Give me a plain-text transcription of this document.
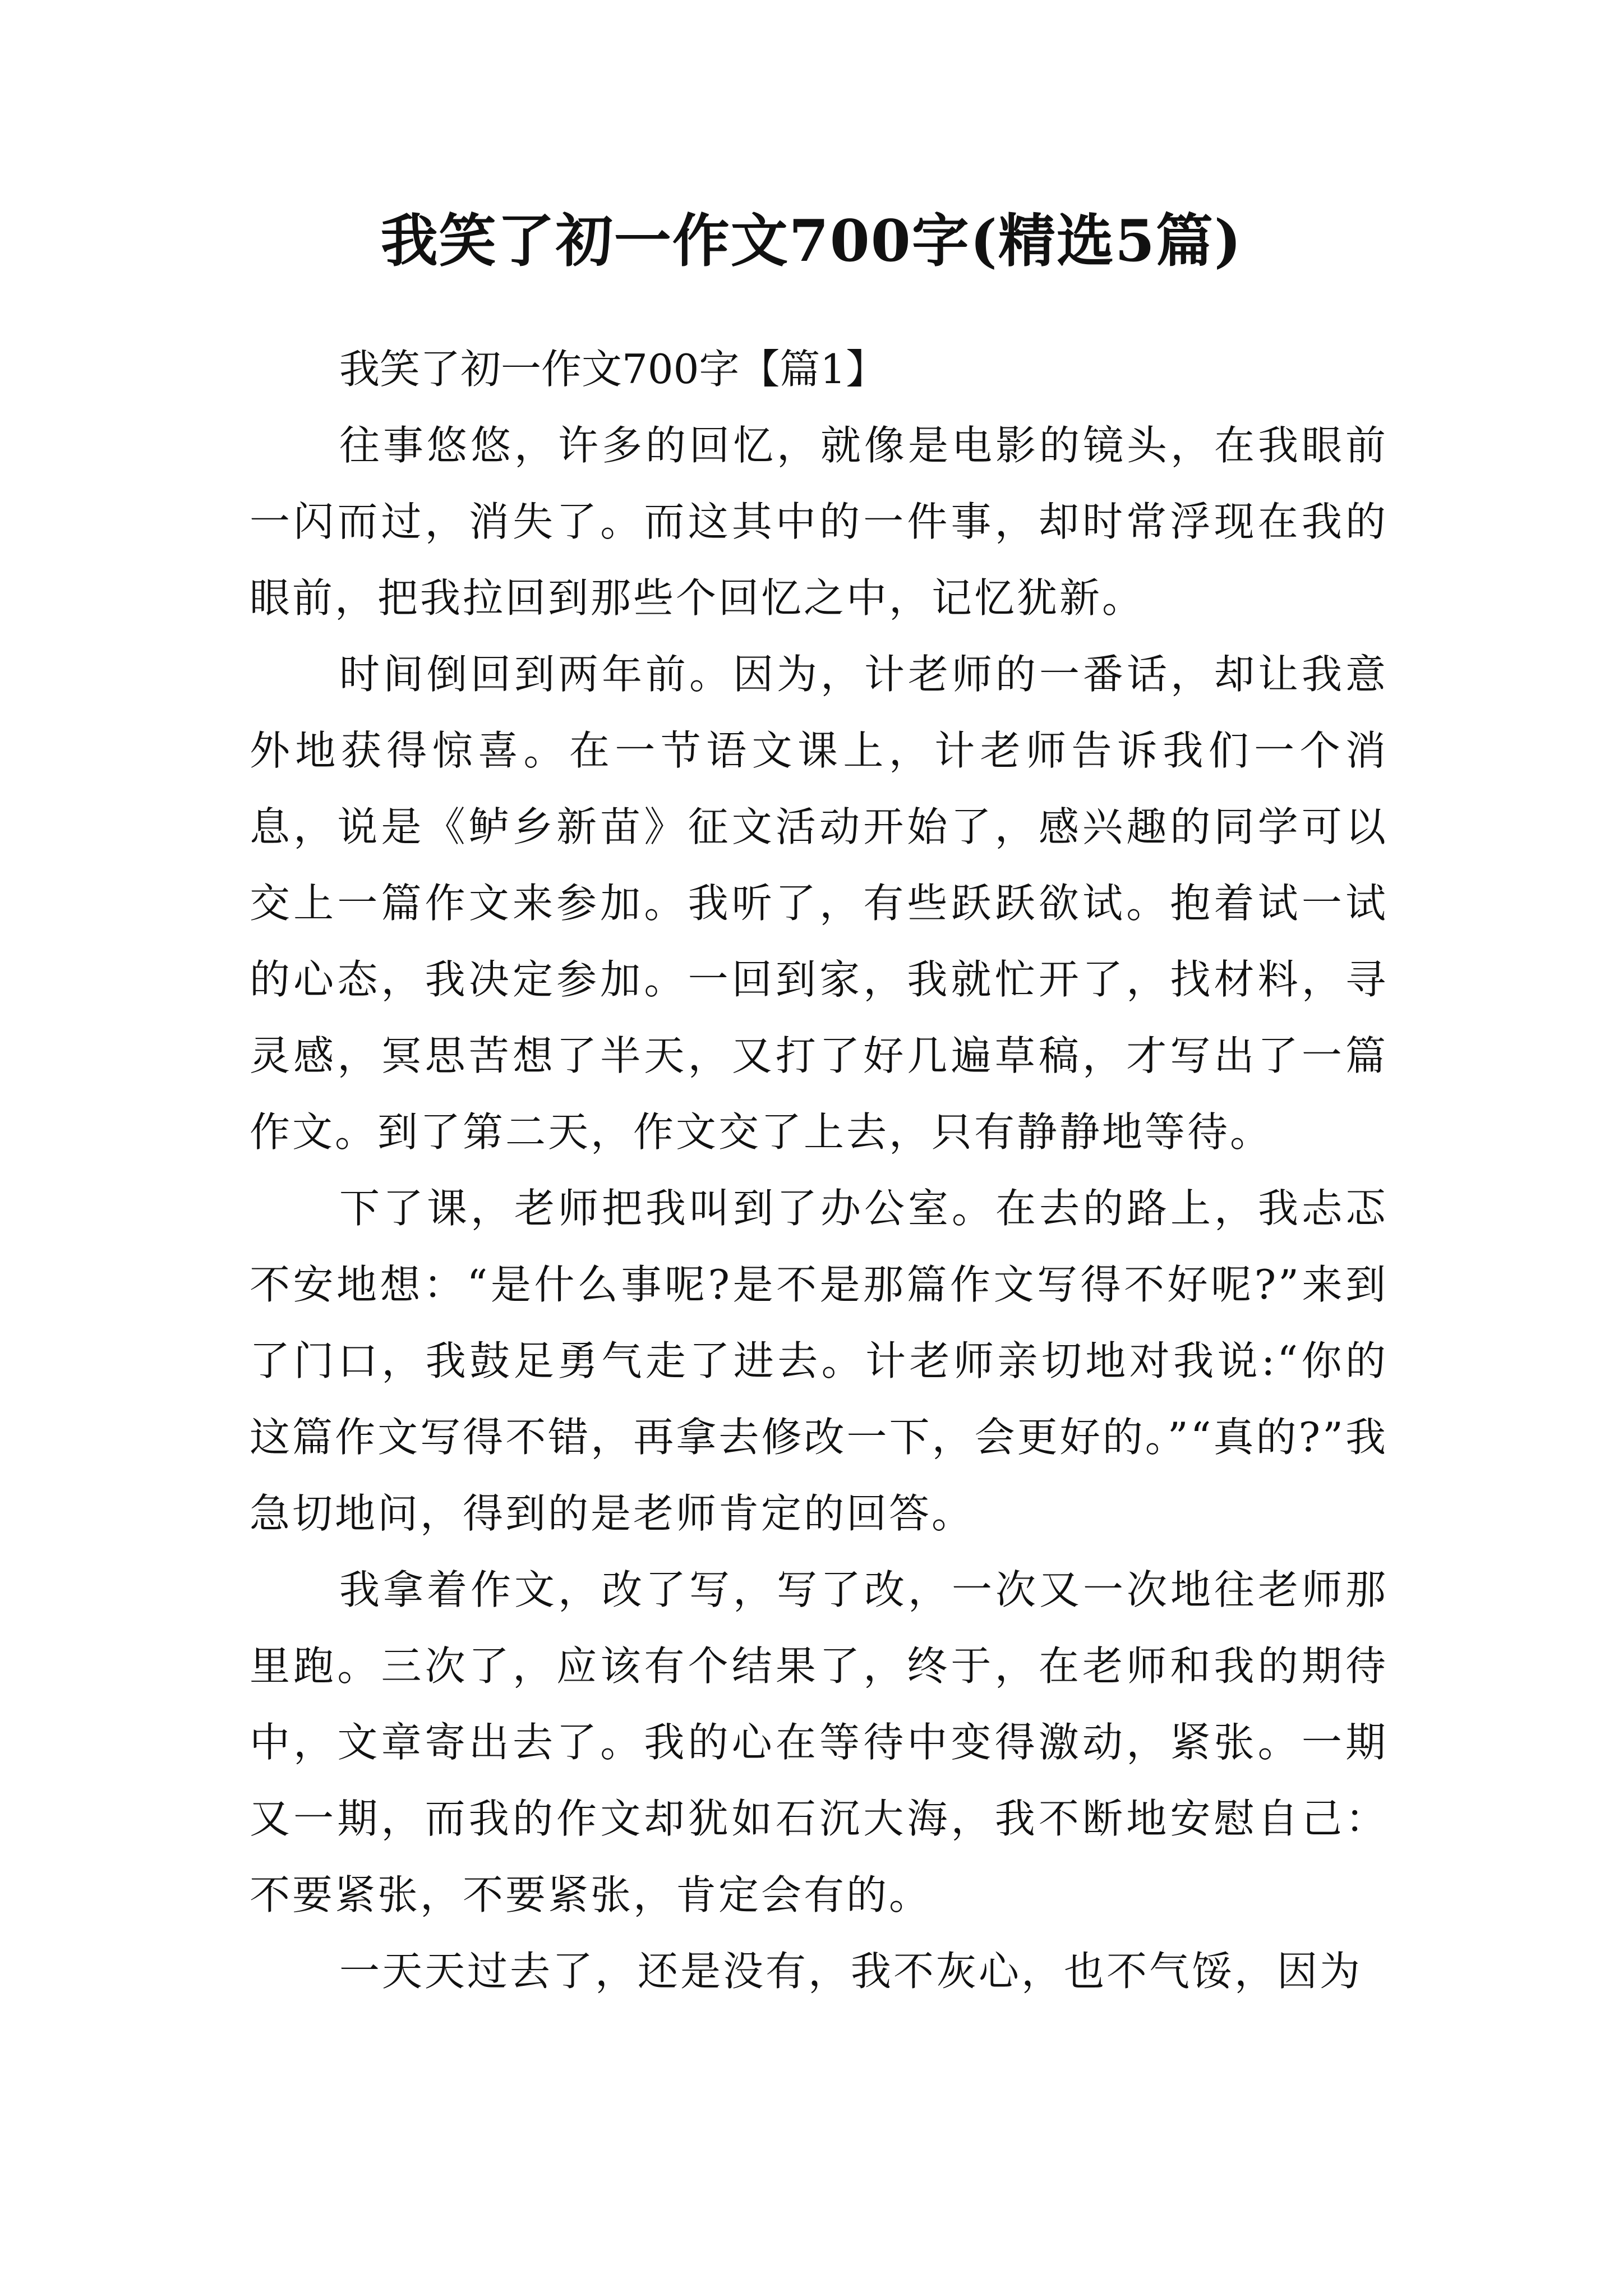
我笑了初一作文700字(精选5篇)

我笑了初一作文700字【篇1】

往事悠悠，许多的回忆，就像是电影的镜头，在我眼前一闪而过，消失了。而这其中的一件事，却时常浮现在我的眼前，把我拉回到那些个回忆之中，记忆犹新。

时间倒回到两年前。因为，计老师的一番话，却让我意外地获得惊喜。在一节语文课上，计老师告诉我们一个消息，说是《鲈乡新苗》征文活动开始了，感兴趣的同学可以交上一篇作文来参加。我听了，有些跃跃欲试。抱着试一试的心态，我决定参加。一回到家，我就忙开了，找材料，寻灵感，冥思苦想了半天，又打了好几遍草稿，才写出了一篇作文。到了第二天，作文交了上去，只有静静地等待。

下了课，老师把我叫到了办公室。在去的路上，我忐忑不安地想：“是什么事呢?是不是那篇作文写得不好呢?”来到了门口，我鼓足勇气走了进去。计老师亲切地对我说:“你的这篇作文写得不错，再拿去修改一下，会更好的。”“真的?”我急切地问，得到的是老师肯定的回答。

我拿着作文，改了写，写了改，一次又一次地往老师那里跑。三次了，应该有个结果了，终于，在老师和我的期待中，文章寄出去了。我的心在等待中变得激动，紧张。一期又一期，而我的作文却犹如石沉大海，我不断地安慰自己：不要紧张，不要紧张，肯定会有的。

一天天过去了，还是没有，我不灰心，也不气馁，因为
